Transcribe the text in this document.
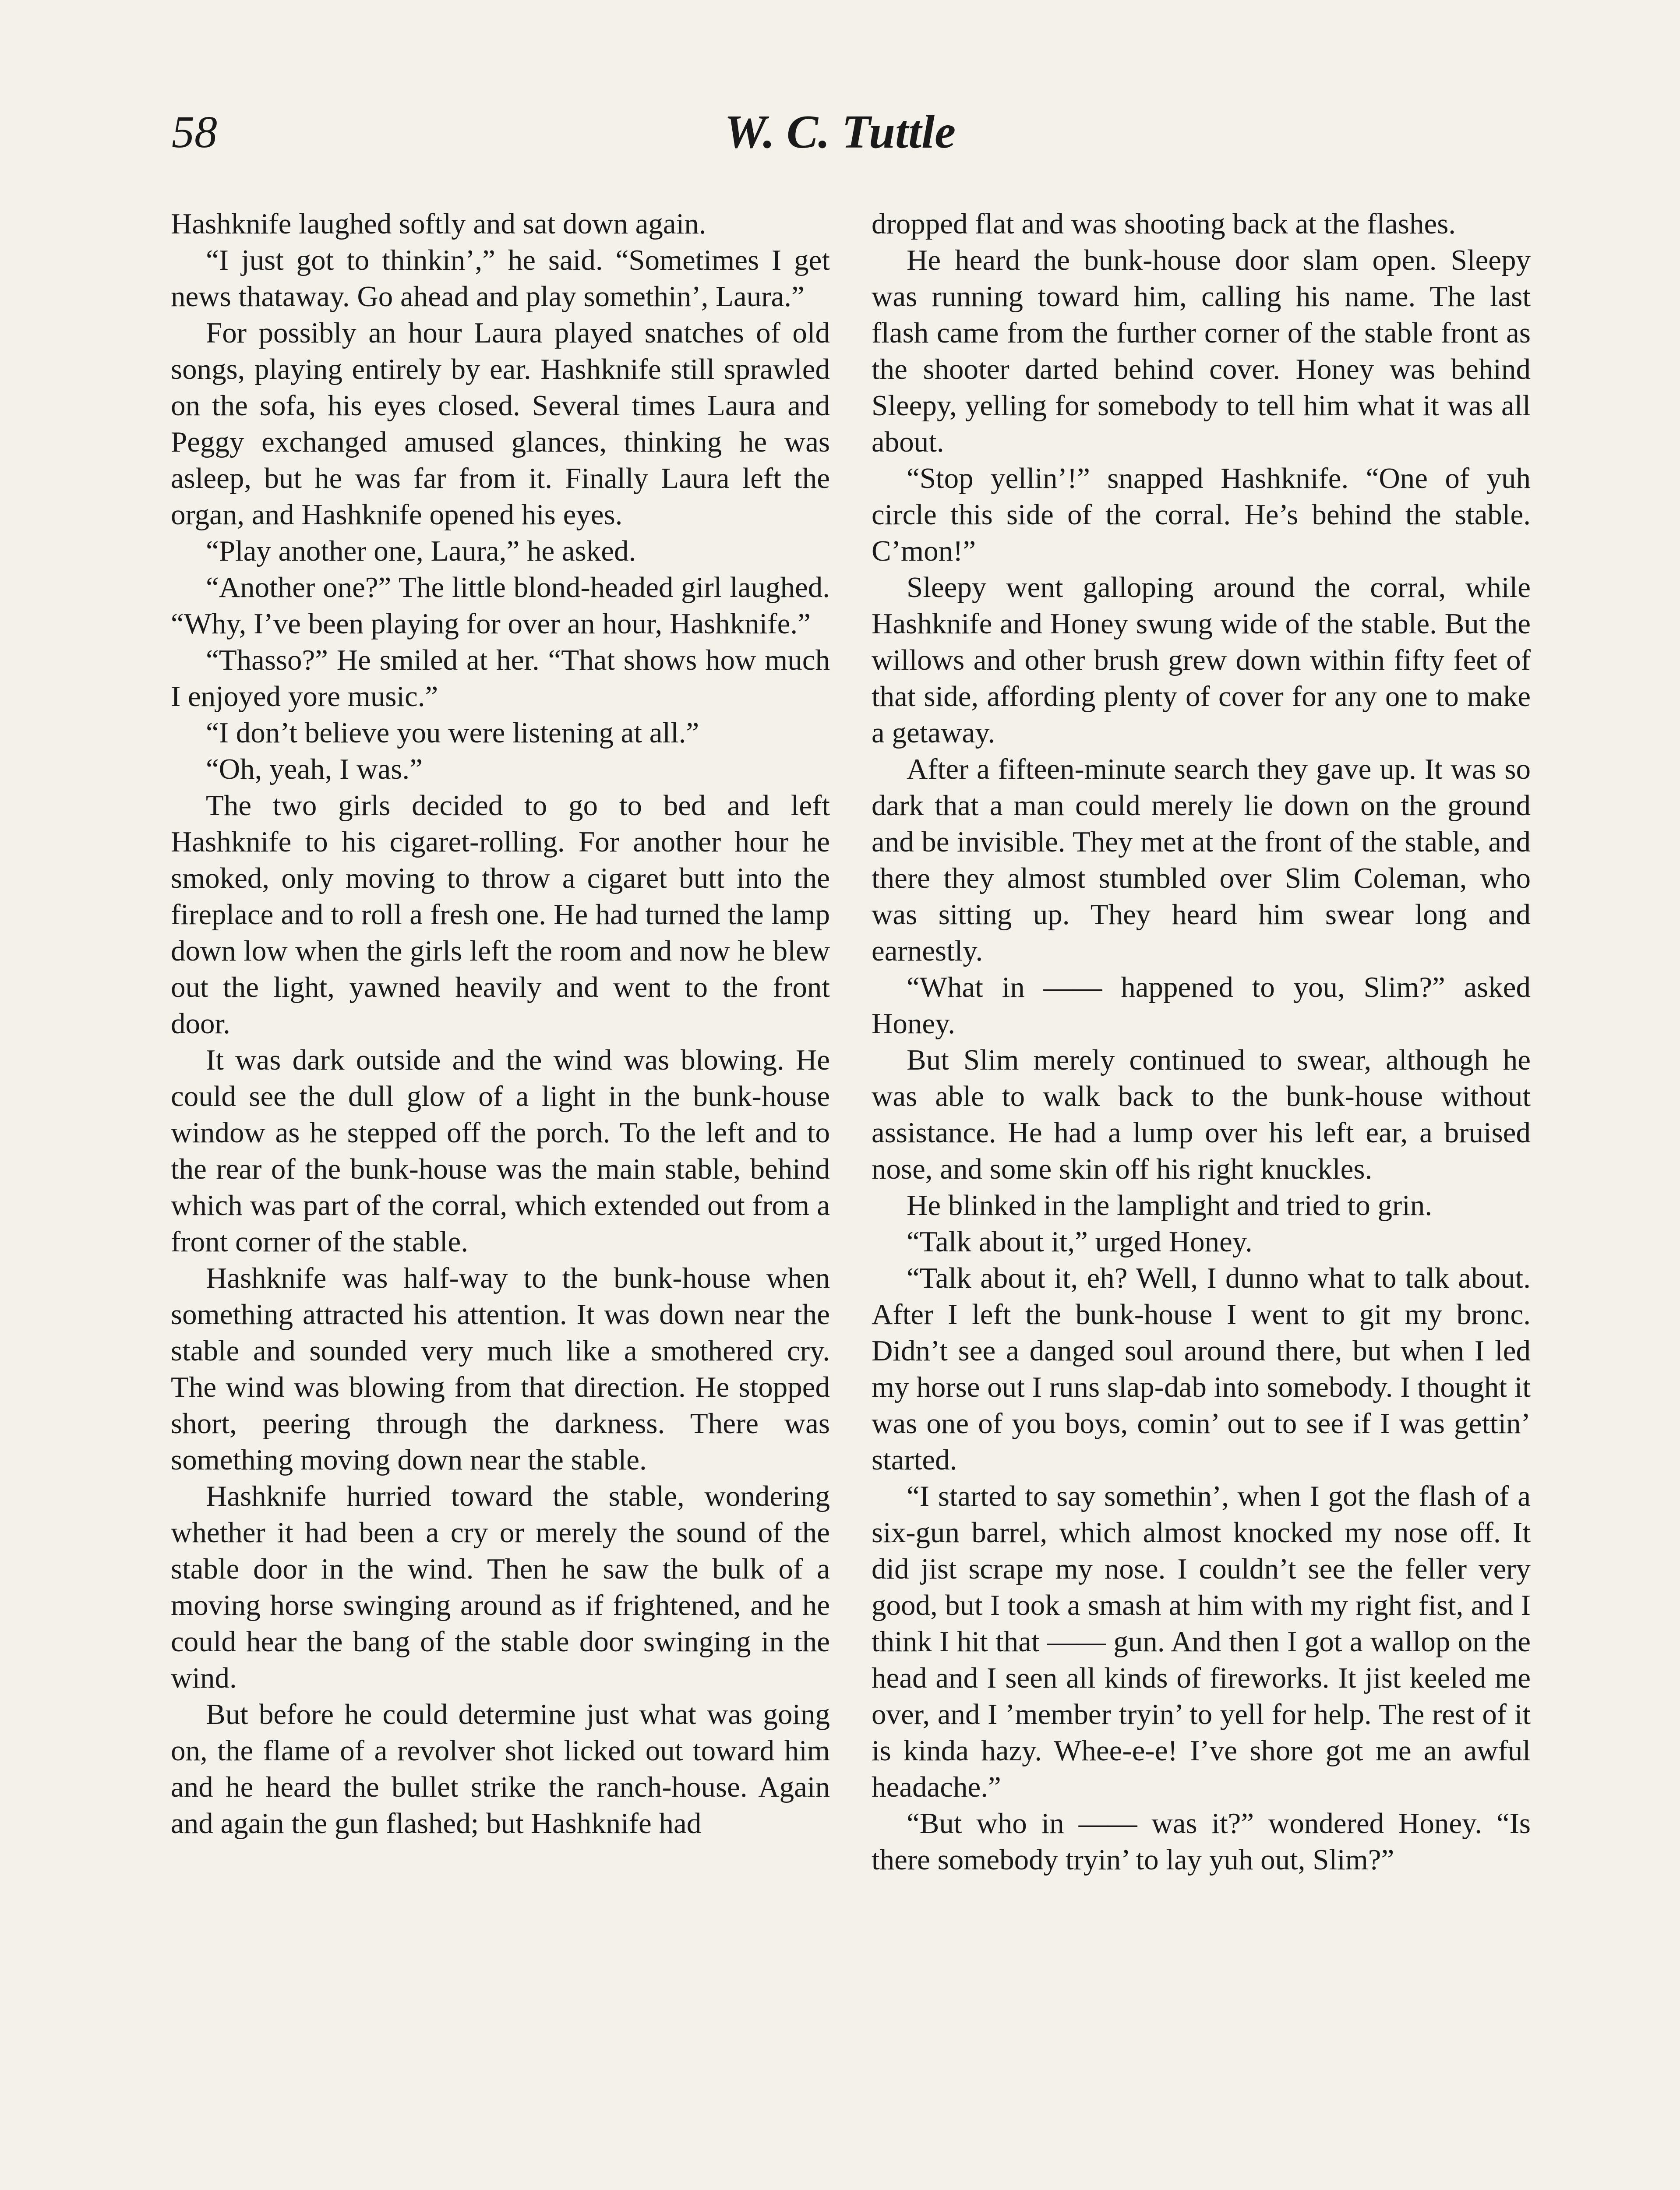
58	W. C. Tuttle

Hashknife laughed softly and sat down again.

“I just got to thinkin’,” he said. “Sometimes I get news thataway. Go ahead and play somethin’, Laura.”

For possibly an hour Laura played snatches of old songs, playing entirely by ear. Hashknife still sprawled on the sofa, his eyes closed. Several times Laura and Peggy exchanged amused glances, thinking he was asleep, but he was far from it. Finally Laura left the organ, and Hashknife opened his eyes.

“Play another one, Laura,” he asked.

“Another one?” The little blond-headed girl laughed. “Why, I’ve been playing for over an hour, Hashknife.”

“Thasso?” He smiled at her. “That shows how much I enjoyed yore music.”

“I don’t believe you were listening at all.”

“Oh, yeah, I was.”

The two girls decided to go to bed and left Hashknife to his cigaret-rolling. For another hour he smoked, only moving to throw a cigaret butt into the fireplace and to roll a fresh one. He had turned the lamp down low when the girls left the room and now he blew out the light, yawned heavily and went to the front door.

It was dark outside and the wind was blowing. He could see the dull glow of a light in the bunk-house window as he stepped off the porch. To the left and to the rear of the bunk-house was the main stable, behind which was part of the corral, which extended out from a front corner of the stable.

Hashknife was half-way to the bunk-house when something attracted his attention. It was down near the stable and sounded very much like a smothered cry. The wind was blowing from that direction. He stopped short, peering through the darkness. There was something moving down near the stable.

Hashknife hurried toward the stable, wondering whether it had been a cry or merely the sound of the stable door in the wind. Then he saw the bulk of a moving horse swinging around as if frightened, and he could hear the bang of the stable door swinging in the wind.

But before he could determine just what was going on, the flame of a revolver shot licked out toward him and he heard the bullet strike the ranch-house. Again and again the gun flashed; but Hashknife had

dropped flat and was shooting back at the flashes.

He heard the bunk-house door slam open. Sleepy was running toward him, calling his name. The last flash came from the further corner of the stable front as the shooter darted behind cover. Honey was behind Sleepy, yelling for somebody to tell him what it was all about.

“Stop yellin’!” snapped Hashknife. “One of yuh circle this side of the corral. He’s behind the stable. C’mon!”

Sleepy went galloping around the corral, while Hashknife and Honey swung wide of the stable. But the willows and other brush grew down within fifty feet of that side, affording plenty of cover for any one to make a getaway.

After a fifteen-minute search they gave up. It was so dark that a man could merely lie down on the ground and be invisible. They met at the front of the stable, and there they almost stumbled over Slim Coleman, who was sitting up. They heard him swear long and earnestly.

“What in —— happened to you, Slim?” asked Honey.

But Slim merely continued to swear, although he was able to walk back to the bunk-house without assistance. He had a lump over his left ear, a bruised nose, and some skin off his right knuckles.

He blinked in the lamplight and tried to grin.

“Talk about it,” urged Honey.

“Talk about it, eh? Well, I dunno what to talk about. After I left the bunk-house I went to git my bronc. Didn’t see a danged soul around there, but when I led my horse out I runs slap-dab into somebody. I thought it was one of you boys, comin’ out to see if I was gettin’ started.

“I started to say somethin’, when I got the flash of a six-gun barrel, which almost knocked my nose off. It did jist scrape my nose. I couldn’t see the feller very good, but I took a smash at him with my right fist, and I think I hit that —— gun. And then I got a wallop on the head and I seen all kinds of fireworks. It jist keeled me over, and I ’member tryin’ to yell for help. The rest of it is kinda hazy. Whee-e-e! I’ve shore got me an awful headache.”

“But who in —— was it?” wondered Honey. “Is there somebody tryin’ to lay yuh out, Slim?”
